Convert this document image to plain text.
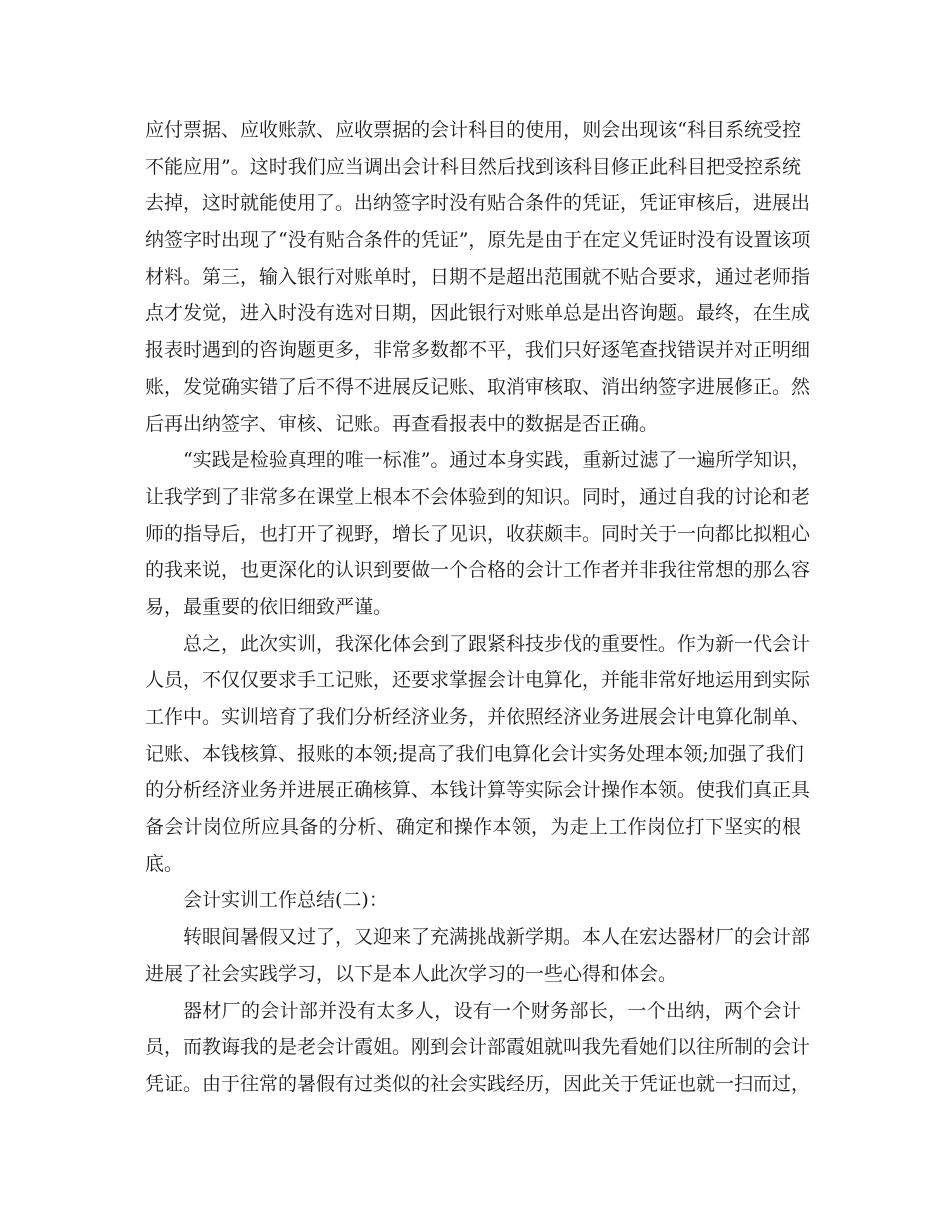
应付票据、应收账款、应收票据的会计科目的使用，则会出现该“科目系统受控
不能应用”。这时我们应当调出会计科目然后找到该科目修正此科目把受控系统
去掉，这时就能使用了。出纳签字时没有贴合条件的凭证，凭证审核后，进展出
纳签字时出现了“没有贴合条件的凭证”，原先是由于在定义凭证时没有设置该项
材料。第三，输入银行对账单时，日期不是超出范围就不贴合要求，通过老师指
点才发觉，进入时没有选对日期，因此银行对账单总是出咨询题。最终，在生成
报表时遇到的咨询题更多，非常多数都不平，我们只好逐笔查找错误并对正明细
账，发觉确实错了后不得不进展反记账、取消审核取、消出纳签字进展修正。然
后再出纳签字、审核、记账。再查看报表中的数据是否正确。
“实践是检验真理的唯一标准”。通过本身实践，重新过滤了一遍所学知识，
让我学到了非常多在课堂上根本不会体验到的知识。同时，通过自我的讨论和老
师的指导后，也打开了视野，增长了见识，收获颇丰。同时关于一向都比拟粗心
的我来说，也更深化的认识到要做一个合格的会计工作者并非我往常想的那么容
易，最重要的依旧细致严谨。
总之，此次实训，我深化体会到了跟紧科技步伐的重要性。作为新一代会计
人员，不仅仅要求手工记账，还要求掌握会计电算化，并能非常好地运用到实际
工作中。实训培育了我们分析经济业务，并依照经济业务进展会计电算化制单、
记账、本钱核算、报账的本领;提高了我们电算化会计实务处理本领;加强了我们
的分析经济业务并进展正确核算、本钱计算等实际会计操作本领。使我们真正具
备会计岗位所应具备的分析、确定和操作本领，为走上工作岗位打下坚实的根
底。
会计实训工作总结(二)：
转眼间暑假又过了，又迎来了充满挑战新学期。本人在宏达器材厂的会计部
进展了社会实践学习，以下是本人此次学习的一些心得和体会。
器材厂的会计部并没有太多人，设有一个财务部长，一个出纳，两个会计
员，而教诲我的是老会计霞姐。刚到会计部霞姐就叫我先看她们以往所制的会计
凭证。由于往常的暑假有过类似的社会实践经历，因此关于凭证也就一扫而过，
